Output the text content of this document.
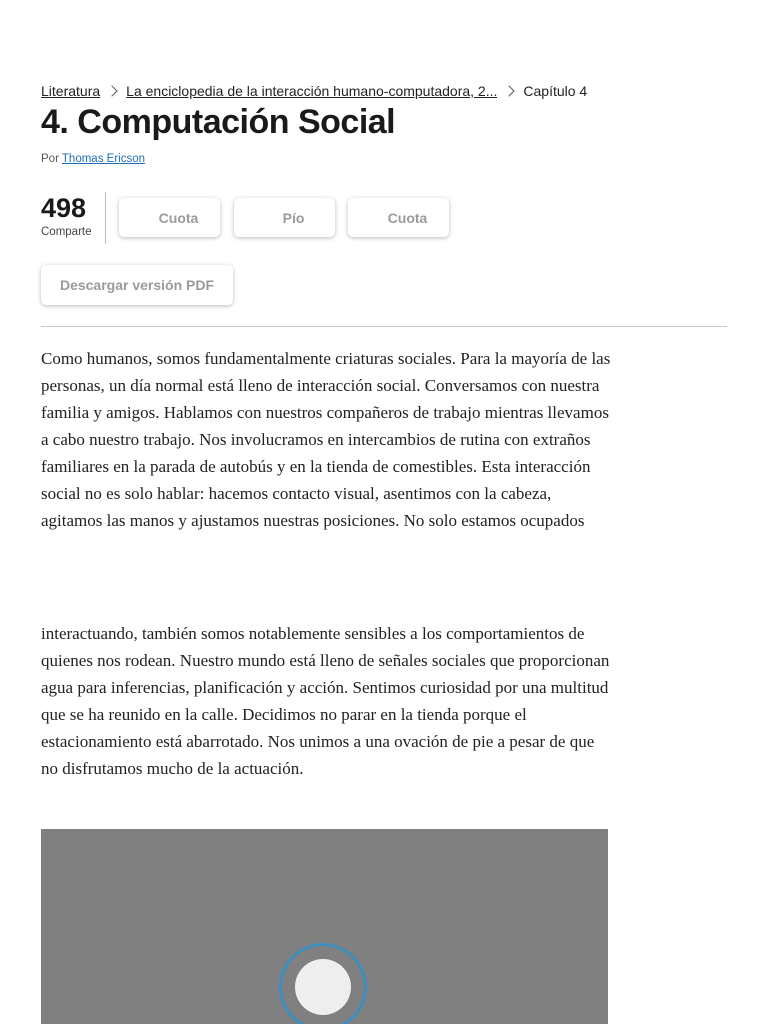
Literatura La enciclopedia de la interacción humano-computadora, 2... Capítulo 4
4. Computación Social
Por Thomas Ericson
498
Comparte
Cuota	Pío	Cuota
Descargar versión PDF

Como humanos, somos fundamentalmente criaturas sociales. Para la mayoría de las personas, un día normal está lleno de interacción social. Conversamos con nuestra familia y amigos. Hablamos con nuestros compañeros de trabajo mientras llevamos a cabo nuestro trabajo. Nos involucramos en intercambios de rutina con extraños familiares en la parada de autobús y en la tienda de comestibles. Esta interacción social no es solo hablar: hacemos contacto visual, asentimos con la cabeza, agitamos las manos y ajustamos nuestras posiciones. No solo estamos ocupados

interactuando, también somos notablemente sensibles a los comportamientos de quienes nos rodean. Nuestro mundo está lleno de señales sociales que proporcionan agua para inferencias, planificación y acción. Sentimos curiosidad por una multitud que se ha reunido en la calle. Decidimos no parar en la tienda porque el estacionamiento está abarrotado. Nos unimos a una ovación de pie a pesar de que no disfrutamos mucho de la actuación.
